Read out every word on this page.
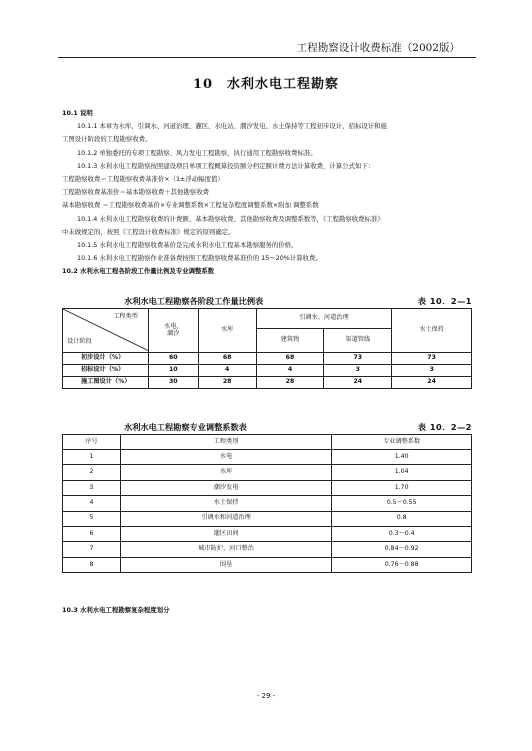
工程勘察设计收费标准（2002版）
10　水利水电工程勘察

10.1 说明

10.1.1 本章为水库、引调水、河道治理、灌区、水电站、潮汐发电、水土保持等工程初步设计、招标设计和施

工图设计阶段的工程勘察收费。

10.1.2 单独委托的专项工程勘察、风力发电工程勘察，执行通用工程勘察收费标准。

10.1.3 水利水电工程勘察按照建设项目单项工程概算投资额分档定额计费方法计算收费，计算公式如下：

工程勘察收费＝工程勘察收费基准价×（1±浮动幅度值）

工程勘察收费基准价＝基本勘察收费＋其他勘察收费

基本勘察收费 ＝工程勘察收费基价×专业调整系数×工程复杂程度调整系数×附加 调整系数

10.1.4 水利水电工程勘察收费的计费额、基本勘察收费、其他勘察收费及调整系数等，《工程勘察收费标准》

中未做规定的，按照《工程设计收费标准》规定的原则确定。

10.1.5 水利水电工程勘察收费基价是完成水利水电工程基本勘察服务的价格。

10.1.6 水利水电工程勘察作业准备费按照工程勘察收费基准价的 15～20%计算收费。

10.2 水利水电工程各阶段工作量比例及专业调整系数

水利水电工程勘察各阶段工作量比例表	表 10．2—1
工程类型
设计阶段	水电、潮汐	水库	引调水、河道治理		水土保持
			建筑物	渠道管线	
初步设计（%）	60	68	68	73	73
招标设计（%）	10	4	4	3	3
施工图设计（%）	30	28	28	24	24
水利水电工程勘察专业调整系数表	表 10．2—2
序号	工程类别	专业调整系数
1	水电	1.40
2	水库	1.04
3	潮汐发电	1.70
4	水土保持	0.5～0.55
5	引调水和河道治理	0.8
6	灌区田间	0.3～0.4
7	城市防护、河口整治	0.84～0.92
8	围垦	0.76～0.88
10.3 水利水电工程勘察复杂程度划分
- 29 -
